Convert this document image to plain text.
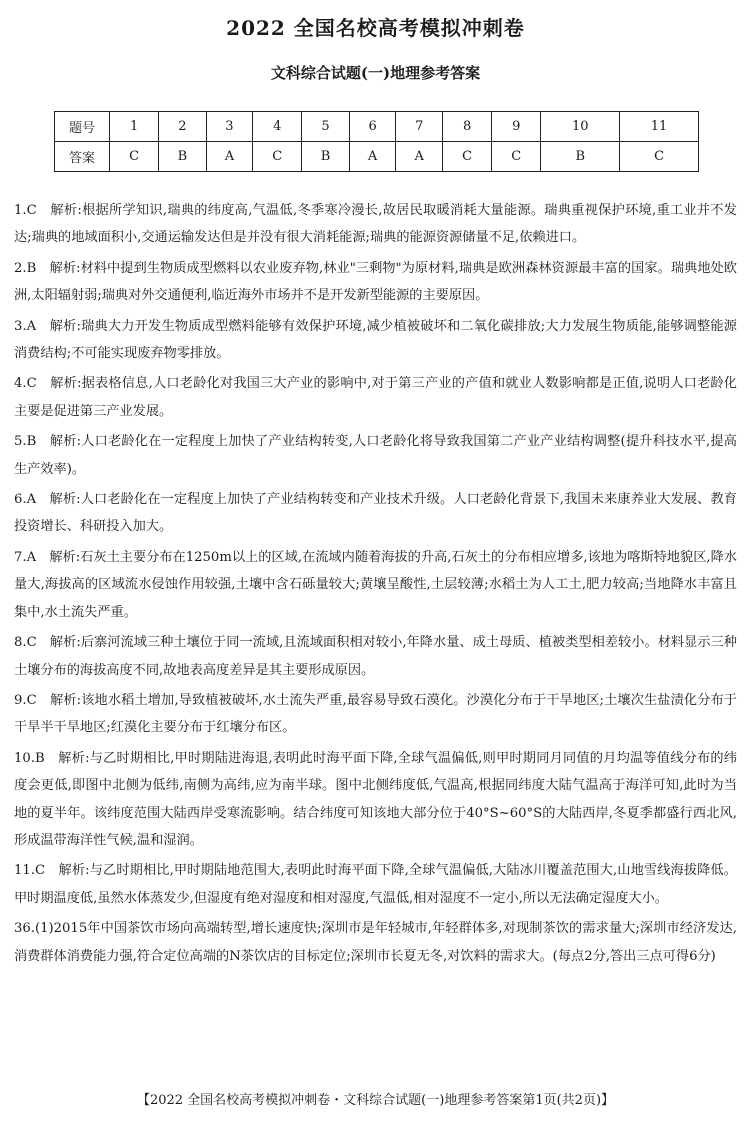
2022 全国名校高考模拟冲刺卷
文科综合试题(一)地理参考答案
题号	1	2	3	4	5	6	7	8	9	10	11
答案	C	B	A	C	B	A	A	C	C	B	C

1.C　解析:根据所学知识,瑞典的纬度高,气温低,冬季寒冷漫长,故居民取暖消耗大量能源。瑞典重视保护环境,重工业并不发达;瑞典的地域面积小,交通运输发达但是并没有很大消耗能源;瑞典的能源资源储量不足,依赖进口。

2.B　解析:材料中提到生物质成型燃料以农业废弃物,林业"三剩物"为原材料,瑞典是欧洲森林资源最丰富的国家。瑞典地处欧洲,太阳辐射弱;瑞典对外交通便利,临近海外市场并不是开发新型能源的主要原因。

3.A　解析:瑞典大力开发生物质成型燃料能够有效保护环境,减少植被破坏和二氧化碳排放;大力发展生物质能,能够调整能源消费结构;不可能实现废弃物零排放。

4.C　解析:据表格信息,人口老龄化对我国三大产业的影响中,对于第三产业的产值和就业人数影响都是正值,说明人口老龄化主要是促进第三产业发展。

5.B　解析:人口老龄化在一定程度上加快了产业结构转变,人口老龄化将导致我国第二产业产业结构调整(提升科技水平,提高生产效率)。

6.A　解析:人口老龄化在一定程度上加快了产业结构转变和产业技术升级。人口老龄化背景下,我国未来康养业大发展、教育投资增长、科研投入加大。

7.A　解析:石灰土主要分布在1250m以上的区域,在流域内随着海拔的升高,石灰土的分布相应增多,该地为喀斯特地貌区,降水量大,海拔高的区域流水侵蚀作用较强,土壤中含石砾量较大;黄壤呈酸性,土层较薄;水稻土为人工土,肥力较高;当地降水丰富且集中,水土流失严重。

8.C　解析:后寨河流域三种土壤位于同一流域,且流域面积相对较小,年降水量、成土母质、植被类型相差较小。材料显示三种土壤分布的海拔高度不同,故地表高度差异是其主要形成原因。

9.C　解析:该地水稻土增加,导致植被破坏,水土流失严重,最容易导致石漠化。沙漠化分布于干旱地区;土壤次生盐渍化分布于干旱半干旱地区;红漠化主要分布于红壤分布区。

10.B　解析:与乙时期相比,甲时期陆进海退,表明此时海平面下降,全球气温偏低,则甲时期同月同值的月均温等值线分布的纬度会更低,即图中北侧为低纬,南侧为高纬,应为南半球。图中北侧纬度低,气温高,根据同纬度大陆气温高于海洋可知,此时为当地的夏半年。该纬度范围大陆西岸受寒流影响。结合纬度可知该地大部分位于40°S~60°S的大陆西岸,冬夏季都盛行西北风,形成温带海洋性气候,温和湿润。

11.C　解析:与乙时期相比,甲时期陆地范围大,表明此时海平面下降,全球气温偏低,大陆冰川覆盖范围大,山地雪线海拔降低。甲时期温度低,虽然水体蒸发少,但湿度有绝对湿度和相对湿度,气温低,相对湿度不一定小,所以无法确定湿度大小。

36.(1)2015年中国茶饮市场向高端转型,增长速度快;深圳市是年轻城市,年轻群体多,对现制茶饮的需求量大;深圳市经济发达,消费群体消费能力强,符合定位高端的N茶饮店的目标定位;深圳市长夏无冬,对饮料的需求大。(每点2分,答出三点可得6分)

【2022 全国名校高考模拟冲刺卷・文科综合试题(一)地理参考答案第1页(共2页)】
